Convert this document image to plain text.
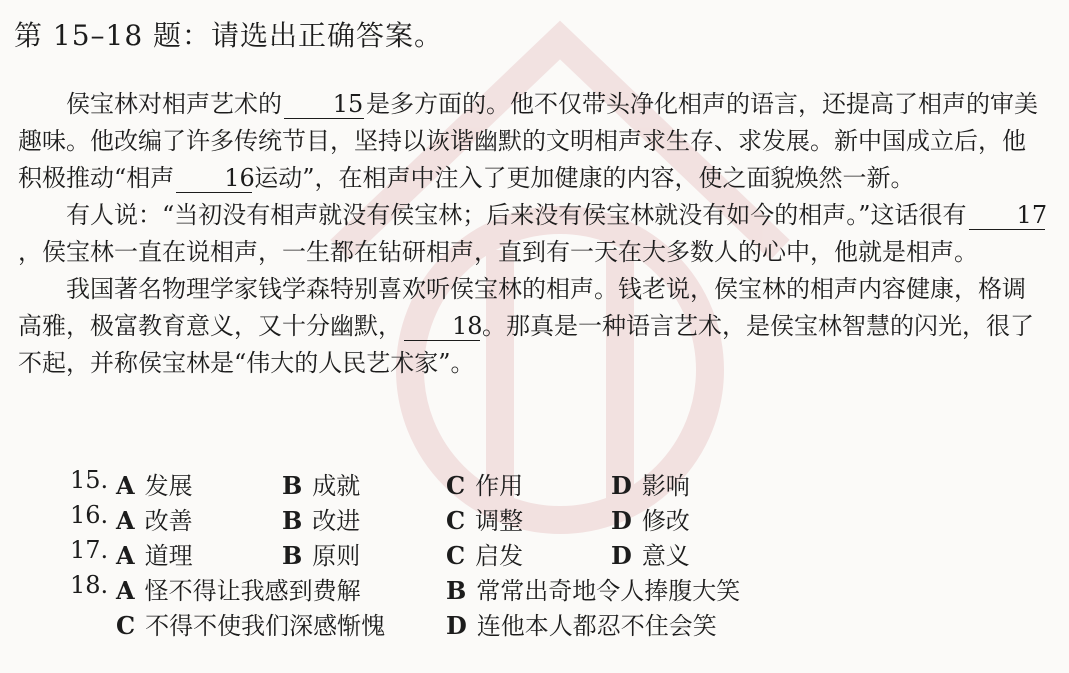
第 15–18 题：请选出正确答案。

侯宝林对相声艺术的 15 是多方面的。他不仅带头净化相声的语言，还提高了相声的审美趣味。他改编了许多传统节目，坚持以诙谐幽默的文明相声求生存、求发展。新中国成立后，他积极推动“相声 16运动”，在相声中注入了更加健康的内容，使之面貌焕然一新。

有人说：“当初没有相声就没有侯宝林；后来没有侯宝林就没有如今的相声。”这话很有 17，侯宝林一直在说相声，一生都在钻研相声，直到有一天在大多数人的心中，他就是相声。

我国著名物理学家钱学森特别喜欢听侯宝林的相声。钱老说，侯宝林的相声内容健康，格调高雅，极富教育意义，又十分幽默， 18。那真是一种语言艺术，是侯宝林智慧的闪光，很了不起，并称侯宝林是“伟大的人民艺术家”。

15. A 发展	B 成就	C 作用	D 影响
16. A 改善	B 改进	C 调整	D 修改
17. A 道理	B 原则	C 启发	D 意义
18. A 怪不得让我感到费解	B 常常出奇地令人捧腹大笑
C 不得不使我们深感惭愧	D 连他本人都忍不住会笑
